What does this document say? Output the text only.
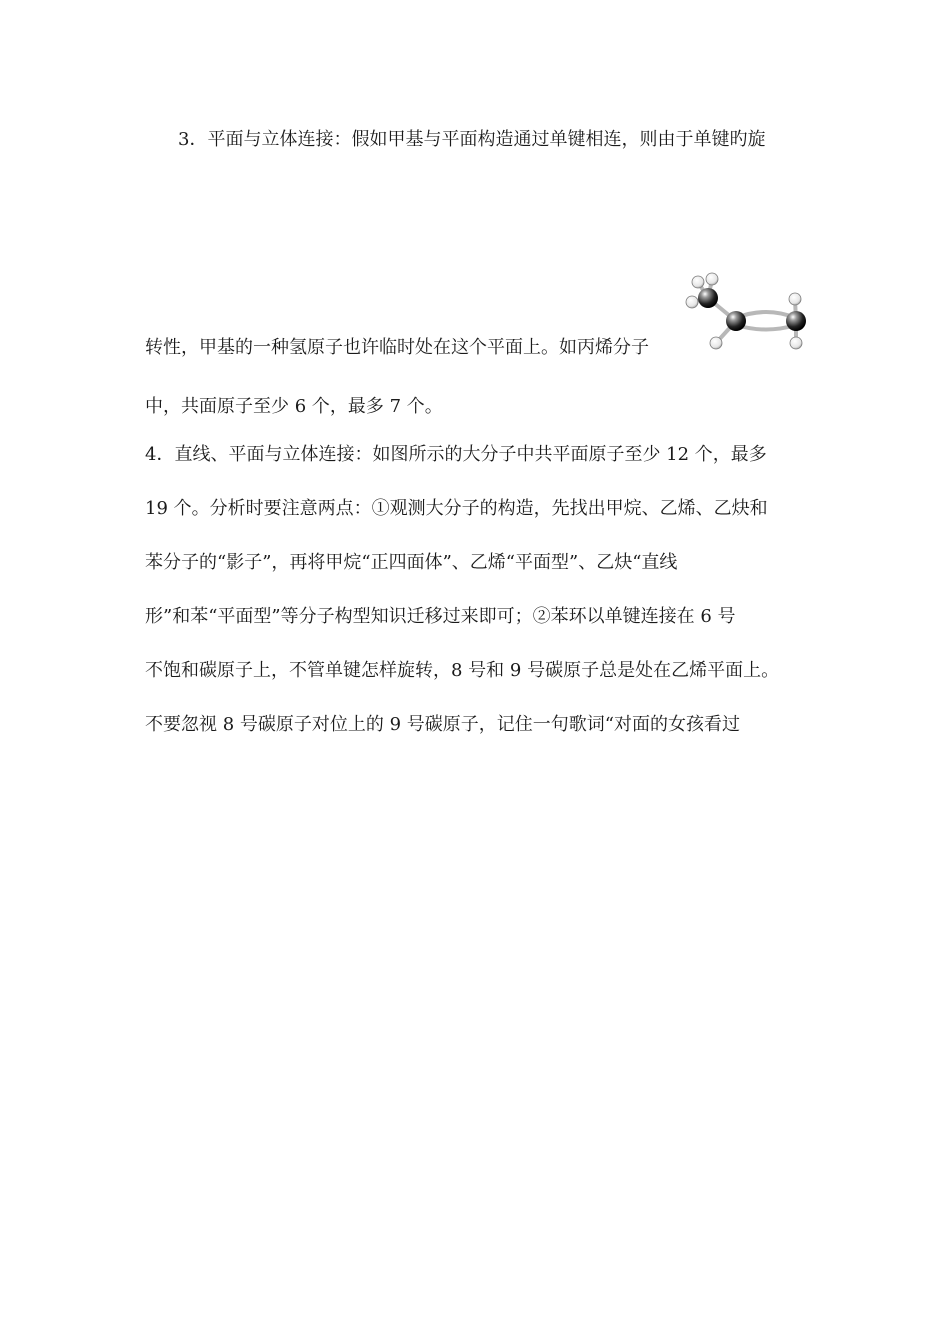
3．平面与立体连接：假如甲基与平面构造通过单键相连，则由于单键旳旋
转性，甲基的一种氢原子也许临时处在这个平面上。如丙烯分子
中，共面原子至少 6 个，最多 7 个。
4．直线、平面与立体连接：如图所示的大分子中共平面原子至少 12 个，最多
19 个。分析时要注意两点：①观测大分子的构造，先找出甲烷、乙烯、乙炔和
苯分子的“影子”，再将甲烷“正四面体”、乙烯“平面型”、乙炔“直线
形”和苯“平面型”等分子构型知识迁移过来即可；②苯环以单键连接在 6 号
不饱和碳原子上，不管单键怎样旋转，8 号和 9 号碳原子总是处在乙烯平面上。
不要忽视 8 号碳原子对位上的 9 号碳原子，记住一句歌词“对面的女孩看过
